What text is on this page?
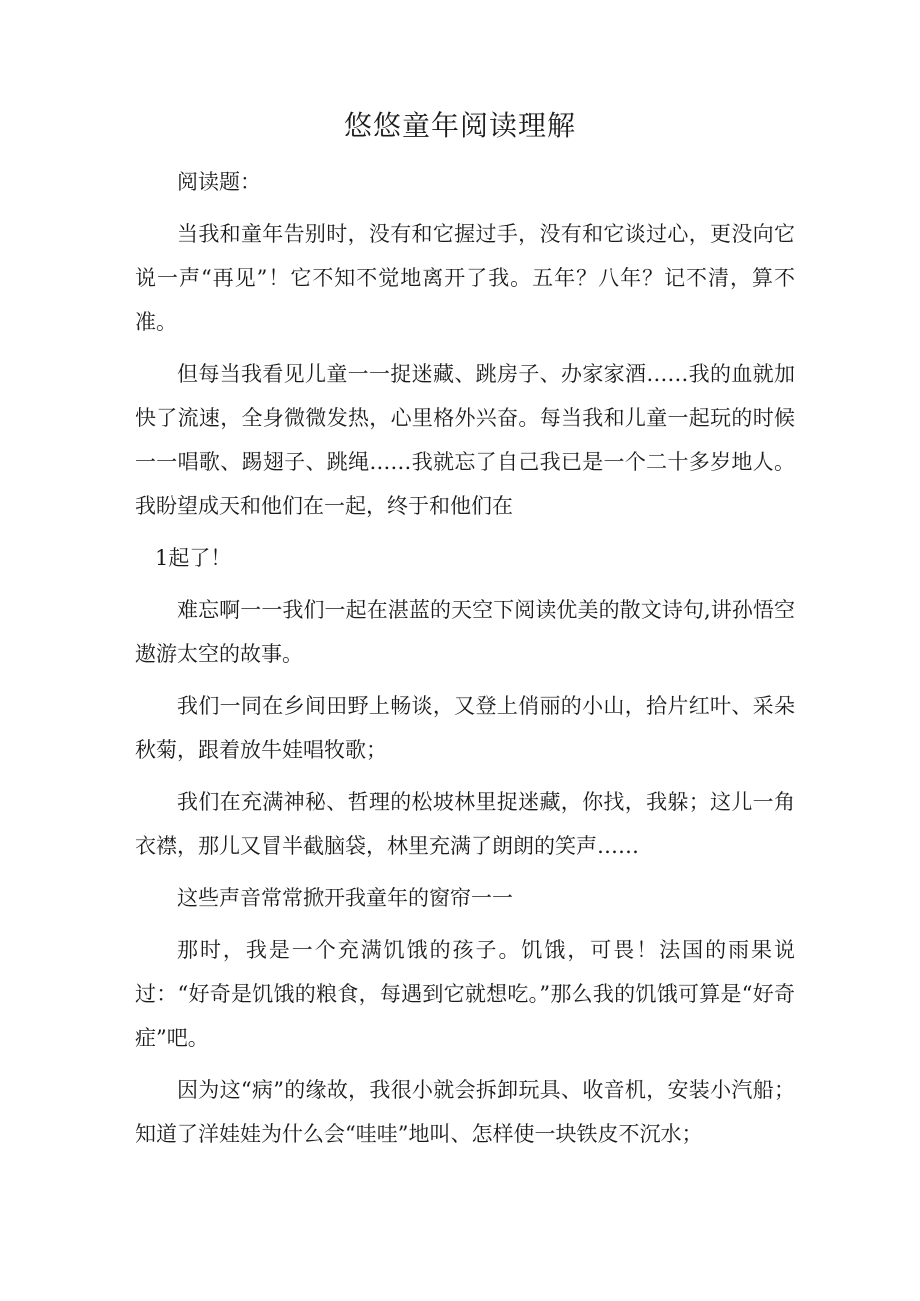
悠悠童年阅读理解

阅读题：

当我和童年告别时，没有和它握过手，没有和它谈过心，更没向它说一声“再见”！它不知不觉地离开了我。五年？八年？记不清，算不准。

但每当我看见儿童一一捉迷藏、跳房子、办家家酒……我的血就加快了流速，全身微微发热，心里格外兴奋。每当我和儿童一起玩的时候一一唱歌、踢翅子、跳绳……我就忘了自己我已是一个二十多岁地人。我盼望成天和他们在一起，终于和他们在

1起了！

难忘啊一一我们一起在湛蓝的天空下阅读优美的散文诗句,讲孙悟空遨游太空的故事。

我们一同在乡间田野上畅谈，又登上俏丽的小山，拾片红叶、采朵秋菊，跟着放牛娃唱牧歌；

我们在充满神秘、哲理的松坡林里捉迷藏，你找，我躲；这儿一角衣襟，那儿又冒半截脑袋，林里充满了朗朗的笑声……

这些声音常常掀开我童年的窗帘一一

那时，我是一个充满饥饿的孩子。饥饿，可畏！法国的雨果说过：“好奇是饥饿的粮食，每遇到它就想吃。”那么我的饥饿可算是“好奇症”吧。

因为这“病”的缘故，我很小就会拆卸玩具、收音机，安装小汽船；知道了洋娃娃为什么会“哇哇”地叫、怎样使一块铁皮不沉水；
